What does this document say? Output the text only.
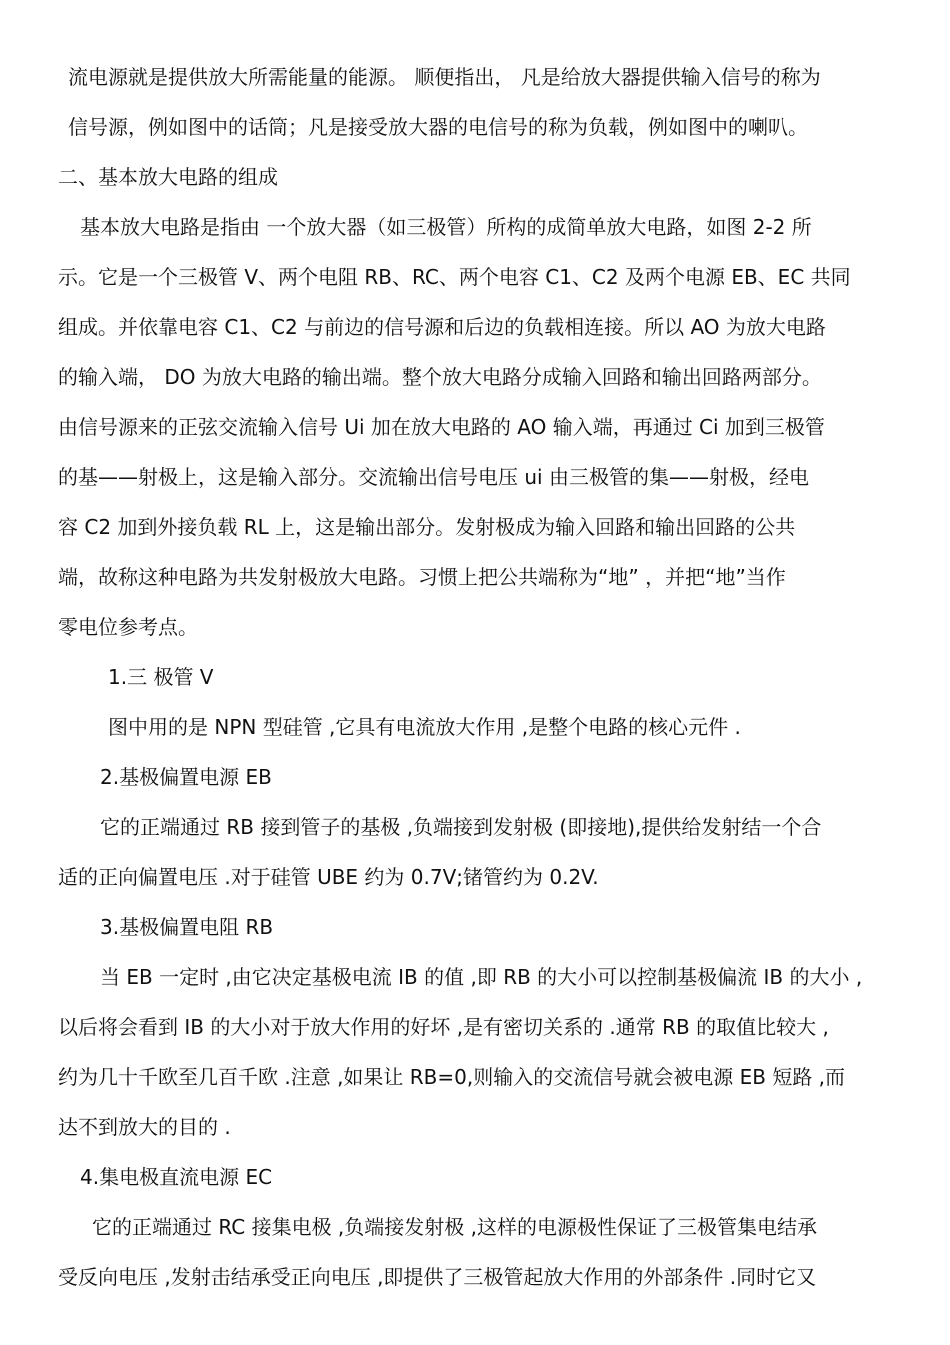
流电源就是提供放大所需能量的能源。 顺便指出， 凡是给放大器提供输入信号的称为
信号源，例如图中的话筒；凡是接受放大器的电信号的称为负载，例如图中的喇叭。
二、基本放大电路的组成
基本放大电路是指由 一个放大器（如三极管）所构的成简单放大电路，如图 2-2 所
示。它是一个三极管 V、两个电阻 RB、RC、两个电容 C1、C2 及两个电源 EB、EC 共同
组成。并依靠电容 C1、C2 与前边的信号源和后边的负载相连接。所以 AO 为放大电路
的输入端， DO 为放大电路的输出端。整个放大电路分成输入回路和输出回路两部分。
由信号源来的正弦交流输入信号 Ui 加在放大电路的 AO 输入端，再通过 Ci 加到三极管
的基——射极上，这是输入部分。交流输出信号电压 ui 由三极管的集——射极，经电
容 C2 加到外接负载 RL 上，这是输出部分。发射极成为输入回路和输出回路的公共
端，故称这种电路为共发射极放大电路。习惯上把公共端称为“地” ，并把“地”当作
零电位参考点。
1.三 极管 V
图中用的是 NPN 型硅管 ,它具有电流放大作用 ,是整个电路的核心元件 .
2.基极偏置电源 EB
它的正端通过 RB 接到管子的基极 ,负端接到发射极 (即接地),提供给发射结一个合
适的正向偏置电压 .对于硅管 UBE 约为 0.7V;锗管约为 0.2V.
3.基极偏置电阻 RB
当 EB 一定时 ,由它决定基极电流 IB 的值 ,即 RB 的大小可以控制基极偏流 IB 的大小 ,
以后将会看到 IB 的大小对于放大作用的好坏 ,是有密切关系的 .通常 RB 的取值比较大 ,
约为几十千欧至几百千欧 .注意 ,如果让 RB=0,则输入的交流信号就会被电源 EB 短路 ,而
达不到放大的目的 .
4.集电极直流电源 EC
它的正端通过 RC 接集电极 ,负端接发射极 ,这样的电源极性保证了三极管集电结承
受反向电压 ,发射击结承受正向电压 ,即提供了三极管起放大作用的外部条件 .同时它又
